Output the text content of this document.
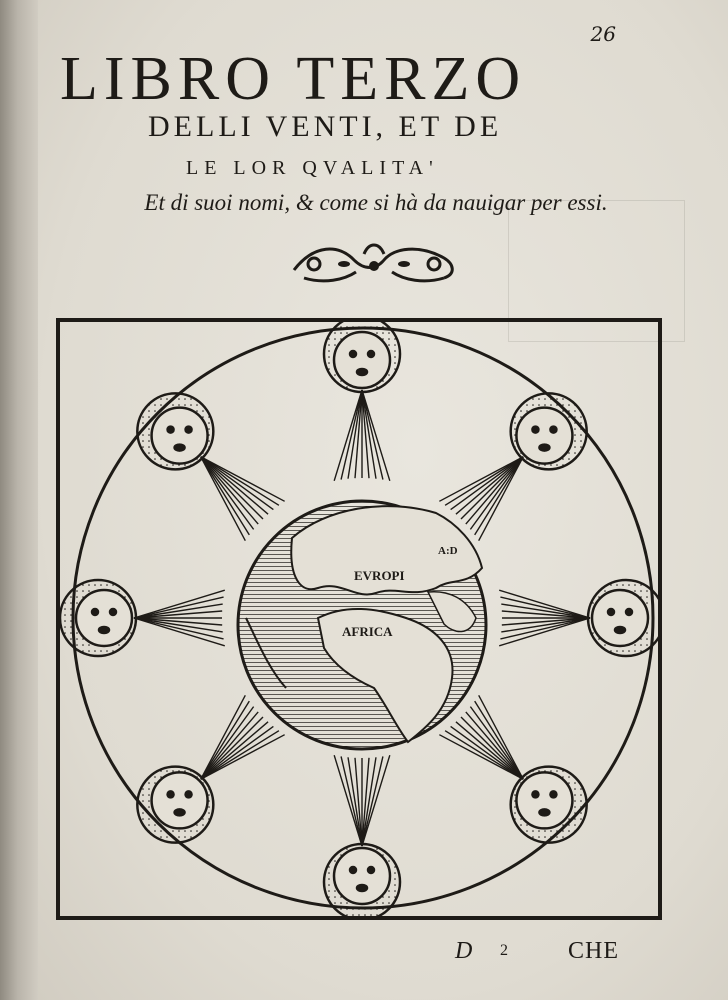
26
LIBRO TERZO
DELLI VENTI, ET DE
LE LOR QVALITA'
Et di suoi nomi, & come si hà da nauigar per essi.
EVROPI
A:D
AFRICA
D 2	CHE
